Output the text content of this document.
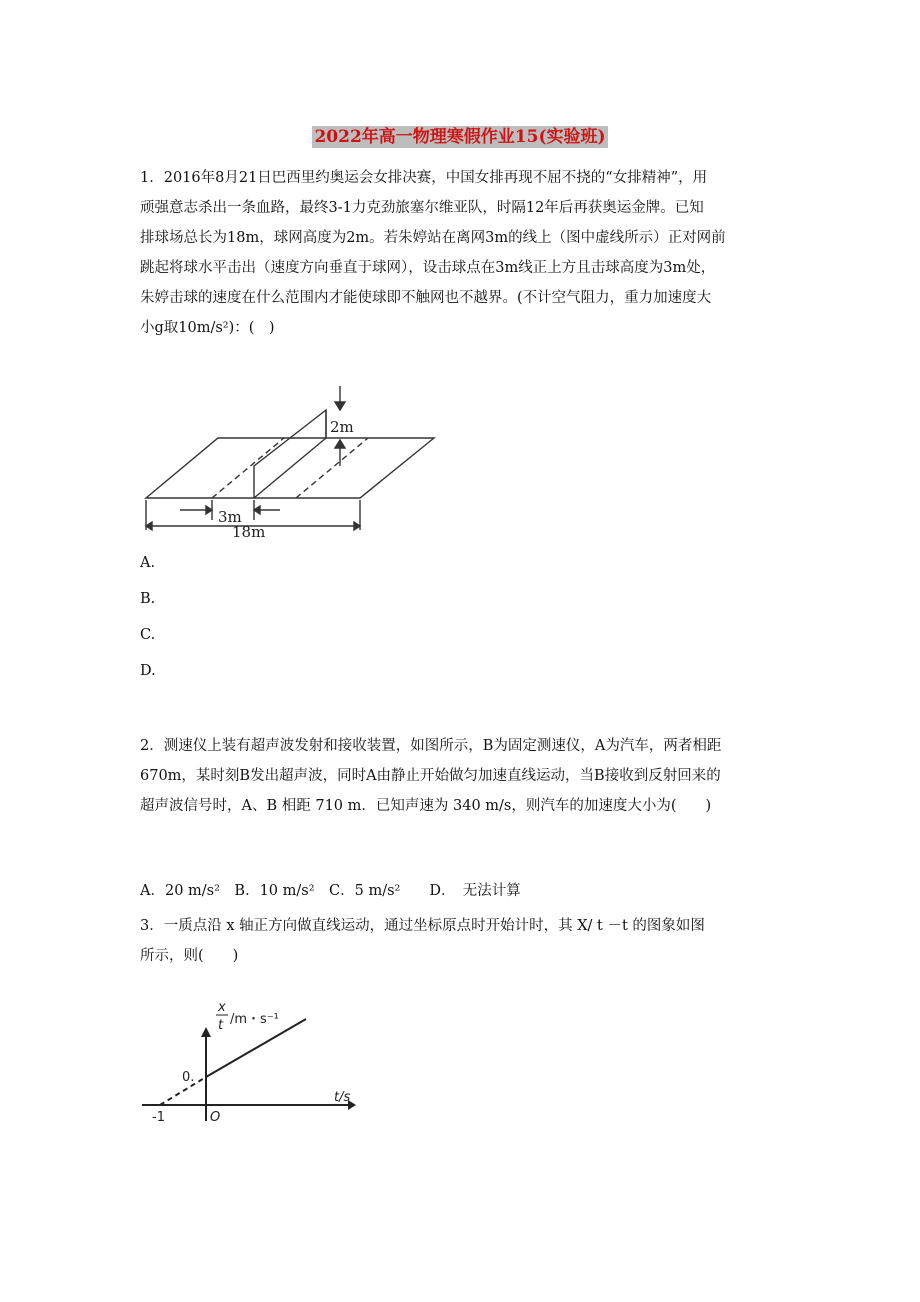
2022年高一物理寒假作业15(实验班)
1．2016年8月21日巴西里约奥运会女排决赛，中国女排再现不屈不挠的“女排精神”，用
顽强意志杀出一条血路，最终3-1力克劲旅塞尔维亚队，时隔12年后再获奥运金牌。已知
排球场总长为18m，球网高度为2m。若朱婷站在离网3m的线上（图中虚线所示）正对网前
跳起将球水平击出（速度方向垂直于球网），设击球点在3m线正上方且击球高度为3m处，
朱婷击球的速度在什么范围内才能使球即不触网也不越界。(不计空气阻力，重力加速度大
小g取10m/s²)：(　)
2m
3m
18m
A.
B.
C.
D.
2．测速仪上装有超声波发射和接收装置，如图所示，B为固定测速仪，A为汽车，两者相距
670m，某时刻B发出超声波，同时A由静止开始做匀加速直线运动，当B接收到反射回来的
超声波信号时，A、B 相距 710 m．已知声速为 340 m/s，则汽车的加速度大小为(　　)
A．20 m/s²　B．10 m/s²　C．5 m/s²　　D．　无法计算
3．一质点沿 x 轴正方向做直线运动，通过坐标原点时开始计时，其 X/ t －t 的图象如图
所示，则(　　)
x
t /m・s⁻¹
t/s
O
-1
0.
